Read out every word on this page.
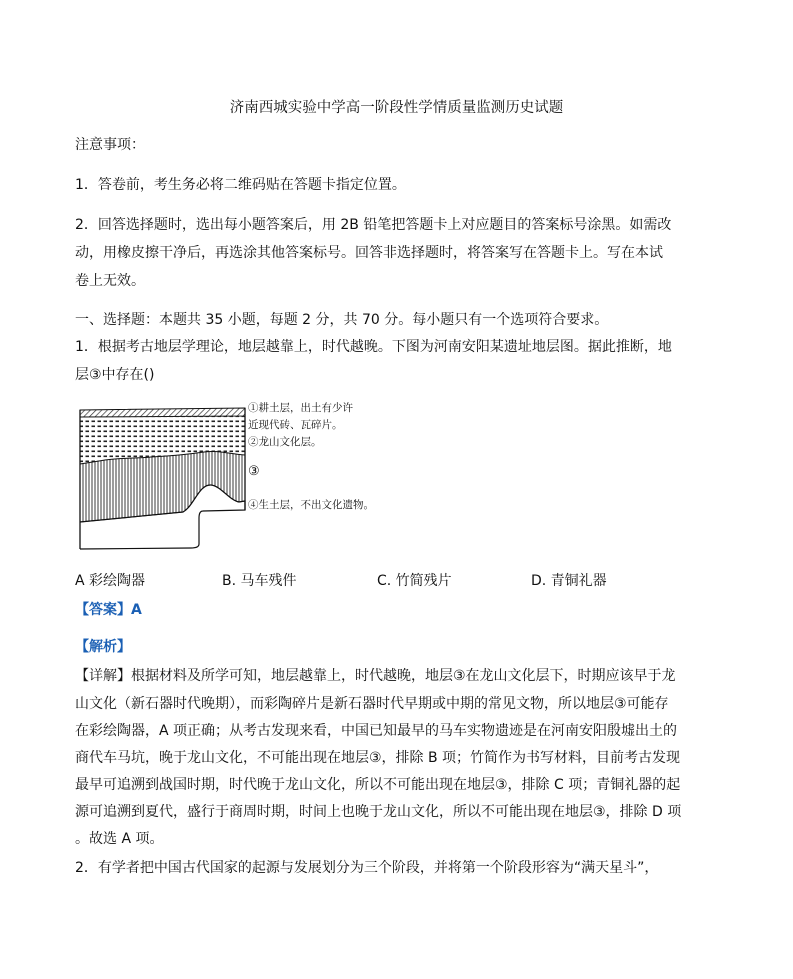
济南西城实验中学高一阶段性学情质量监测历史试题
注意事项：
1．答卷前，考生务必将二维码贴在答题卡指定位置。
2．回答选择题时，选出每小题答案后，用 2B 铅笔把答题卡上对应题目的答案标号涂黑。如需改
动，用橡皮擦干净后，再选涂其他答案标号。回答非选择题时，将答案写在答题卡上。写在本试
卷上无效。
一、选择题：本题共 35 小题，每题 2 分，共 70 分。每小题只有一个选项符合要求。
1．根据考古地层学理论，地层越靠上，时代越晚。下图为河南安阳某遗址地层图。据此推断，地
层③中存在()
①耕土层，出土有少许
近现代砖、瓦碎片。
②龙山文化层。
③
④生土层，不出文化遗物。
A 彩绘陶器	B. 马车残件	C. 竹简残片	D. 青铜礼器
【答案】A
【解析】
【详解】根据材料及所学可知，地层越靠上，时代越晚，地层③在龙山文化层下，时期应该早于龙
山文化（新石器时代晚期），而彩陶碎片是新石器时代早期或中期的常见文物，所以地层③可能存
在彩绘陶器，A 项正确；从考古发现来看，中国已知最早的马车实物遗迹是在河南安阳殷墟出土的
商代车马坑，晚于龙山文化，不可能出现在地层③，排除 B 项；竹简作为书写材料，目前考古发现
最早可追溯到战国时期，时代晚于龙山文化，所以不可能出现在地层③，排除 C 项；青铜礼器的起
源可追溯到夏代，盛行于商周时期，时间上也晚于龙山文化，所以不可能出现在地层③，排除 D 项
。故选 A 项。
2．有学者把中国古代国家的起源与发展划分为三个阶段，并将第一个阶段形容为“满天星斗”，
